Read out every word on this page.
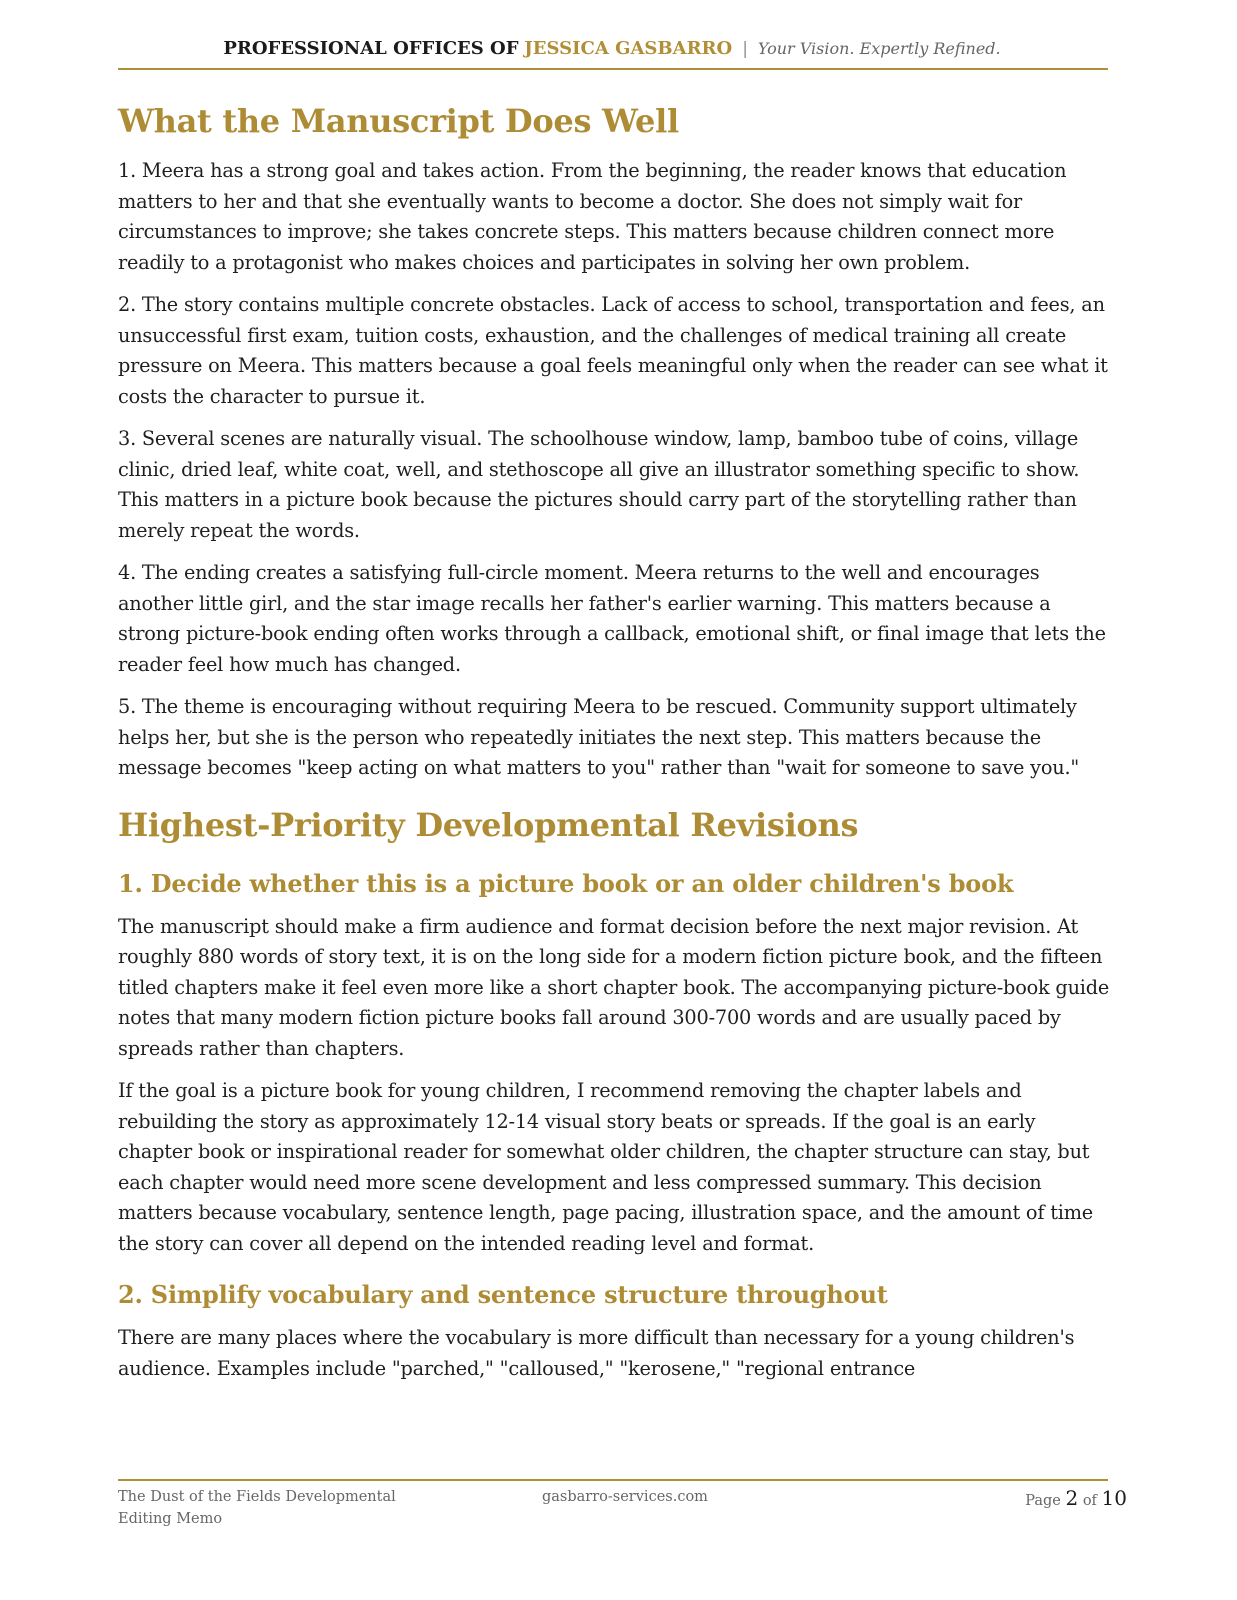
PROFESSIONAL OFFICES OF JESSICA GASBARRO | Your Vision. Expertly Refined.
What the Manuscript Does Well

1. Meera has a strong goal and takes action. From the beginning, the reader knows that education matters to her and that she eventually wants to become a doctor. She does not simply wait for circumstances to improve; she takes concrete steps. This matters because children connect more readily to a protagonist who makes choices and participates in solving her own problem.

2. The story contains multiple concrete obstacles. Lack of access to school, transportation and fees, an unsuccessful first exam, tuition costs, exhaustion, and the challenges of medical training all create pressure on Meera. This matters because a goal feels meaningful only when the reader can see what it costs the character to pursue it.

3. Several scenes are naturally visual. The schoolhouse window, lamp, bamboo tube of coins, village clinic, dried leaf, white coat, well, and stethoscope all give an illustrator something specific to show. This matters in a picture book because the pictures should carry part of the storytelling rather than merely repeat the words.

4. The ending creates a satisfying full-circle moment. Meera returns to the well and encourages another little girl, and the star image recalls her father's earlier warning. This matters because a strong picture-book ending often works through a callback, emotional shift, or final image that lets the reader feel how much has changed.

5. The theme is encouraging without requiring Meera to be rescued. Community support ultimately helps her, but she is the person who repeatedly initiates the next step. This matters because the message becomes "keep acting on what matters to you" rather than "wait for someone to save you."

Highest-Priority Developmental Revisions
1. Decide whether this is a picture book or an older children's book

The manuscript should make a firm audience and format decision before the next major revision. At roughly 880 words of story text, it is on the long side for a modern fiction picture book, and the fifteen titled chapters make it feel even more like a short chapter book. The accompanying picture-book guide notes that many modern fiction picture books fall around 300-700 words and are usually paced by spreads rather than chapters.

If the goal is a picture book for young children, I recommend removing the chapter labels and rebuilding the story as approximately 12-14 visual story beats or spreads. If the goal is an early chapter book or inspirational reader for somewhat older children, the chapter structure can stay, but each chapter would need more scene development and less compressed summary. This decision matters because vocabulary, sentence length, page pacing, illustration space, and the amount of time the story can cover all depend on the intended reading level and format.

2. Simplify vocabulary and sentence structure throughout

There are many places where the vocabulary is more difficult than necessary for a young children's audience. Examples include "parched," "calloused," "kerosene," "regional entrance

The Dust of the Fields Developmental Editing Memo
gasbarro-services.com	Page 2 of 10
